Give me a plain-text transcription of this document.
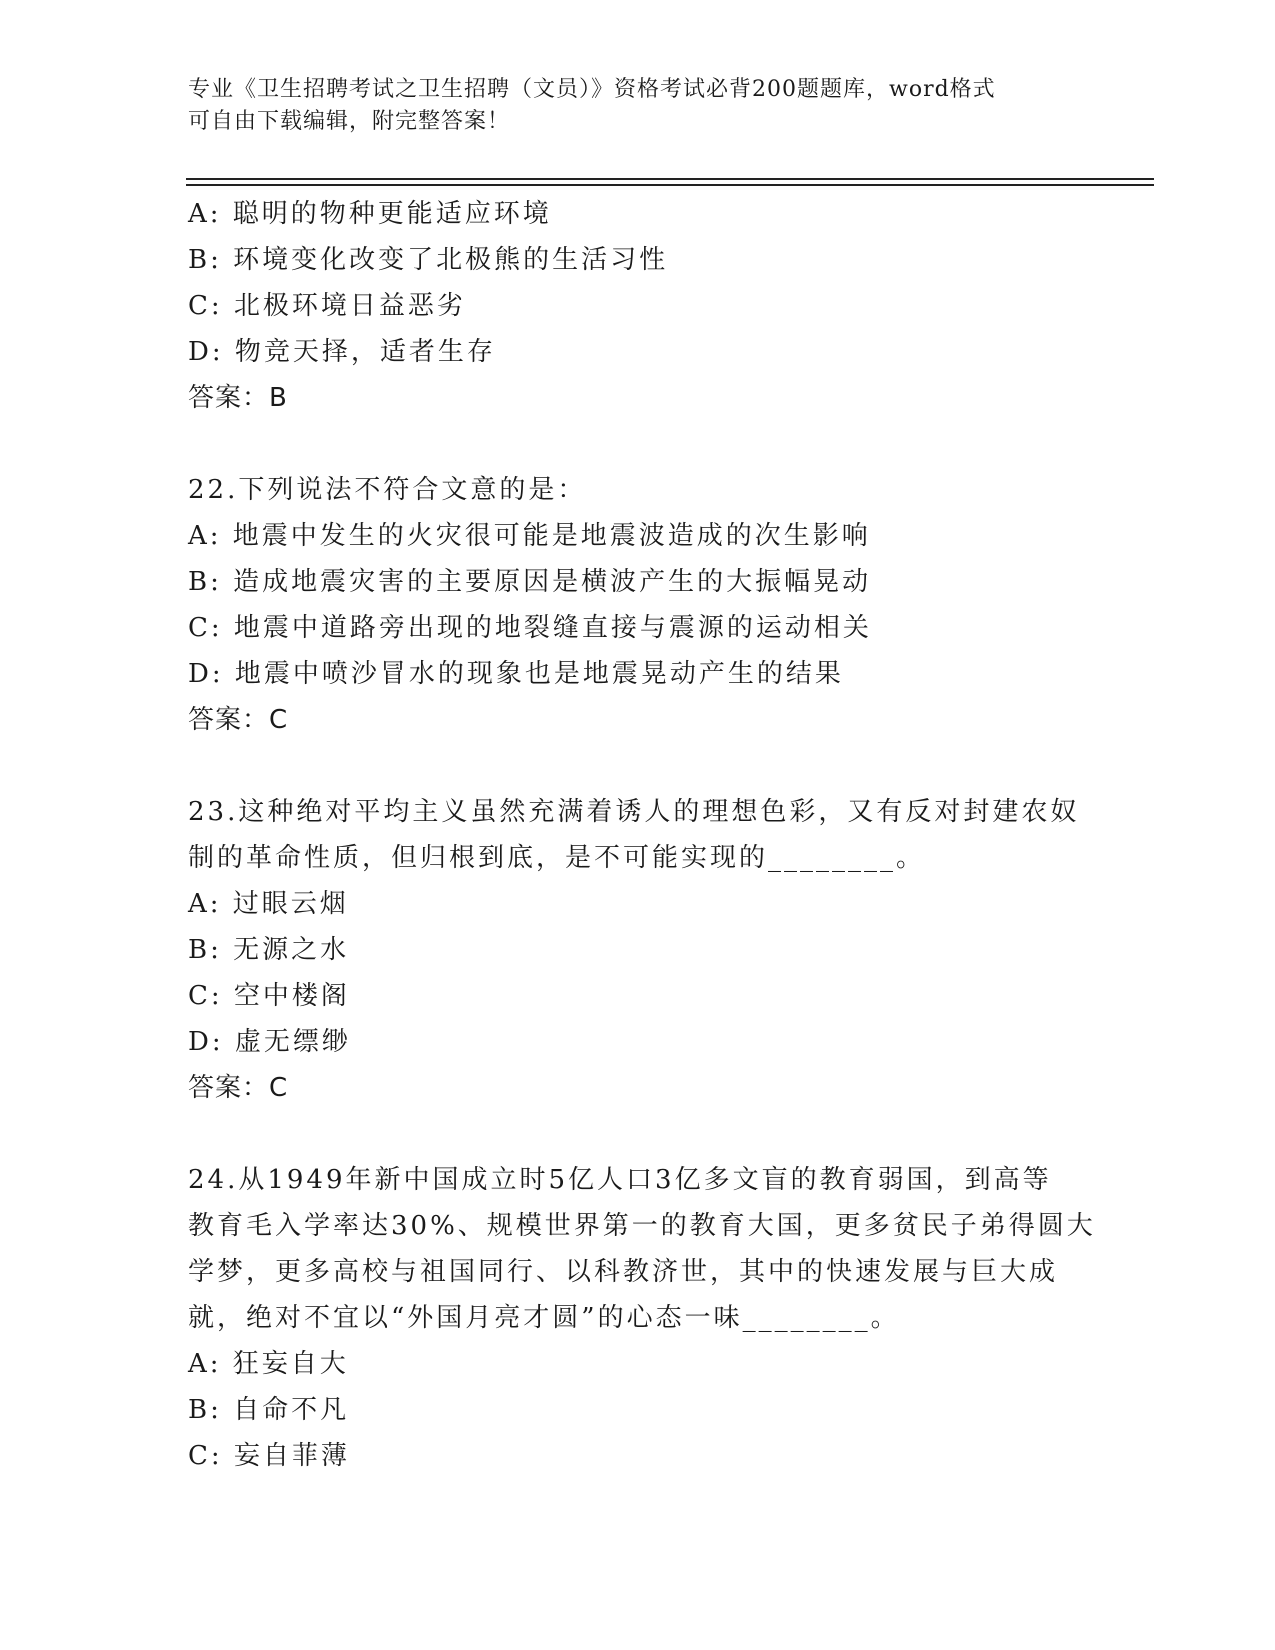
专业《卫生招聘考试之卫生招聘（文员）》资格考试必背200题题库，word格式
可自由下载编辑，附完整答案！
A: 聪明的物种更能适应环境
B: 环境变化改变了北极熊的生活习性
C: 北极环境日益恶劣
D: 物竞天择，适者生存
答案：B
22.下列说法不符合文意的是：
A: 地震中发生的火灾很可能是地震波造成的次生影响
B: 造成地震灾害的主要原因是横波产生的大振幅晃动
C: 地震中道路旁出现的地裂缝直接与震源的运动相关
D: 地震中喷沙冒水的现象也是地震晃动产生的结果
答案：C
23.这种绝对平均主义虽然充满着诱人的理想色彩，又有反对封建农奴
制的革命性质，但归根到底，是不可能实现的________。
A: 过眼云烟
B: 无源之水
C: 空中楼阁
D: 虚无缥缈
答案：C
24.从1949年新中国成立时5亿人口3亿多文盲的教育弱国，到高等
教育毛入学率达30%、规模世界第一的教育大国，更多贫民子弟得圆大
学梦，更多高校与祖国同行、以科教济世，其中的快速发展与巨大成
就，绝对不宜以“外国月亮才圆”的心态一味________。
A: 狂妄自大
B: 自命不凡
C: 妄自菲薄
